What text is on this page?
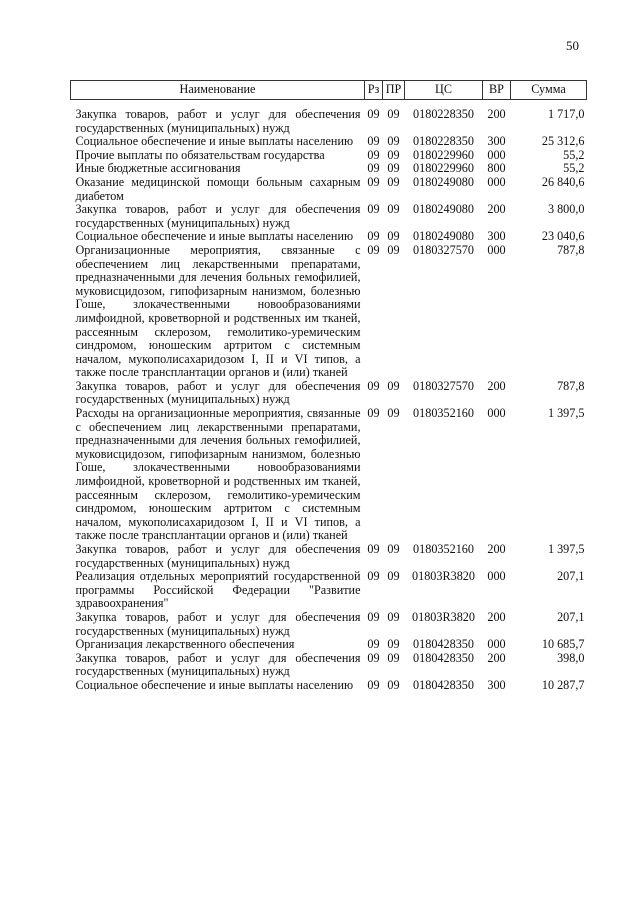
50
Наименование	Рз	ПР	ЦС	ВР	Сумма
Закупка товаров, работ и услуг для обеспечения государственных (муниципальных) нужд	09	09	0180228350	200	1 717,0
Социальное обеспечение и иные выплаты населению	09	09	0180228350	300	25 312,6
Прочие выплаты по обязательствам государства	09	09	0180229960	000	55,2
Иные бюджетные ассигнования	09	09	0180229960	800	55,2
Оказание медицинской помощи больным сахарным диабетом	09	09	0180249080	000	26 840,6
Закупка товаров, работ и услуг для обеспечения государственных (муниципальных) нужд	09	09	0180249080	200	3 800,0
Социальное обеспечение и иные выплаты населению	09	09	0180249080	300	23 040,6
Организационные мероприятия, связанные с обеспечением лиц лекарственными препаратами, предназначенными для лечения больных гемофилией, муковисцидозом, гипофизарным нанизмом, болезнью Гоше, злокачественными новообразованиями лимфоидной, кроветворной и родственных им тканей, рассеянным склерозом, гемолитико-уремическим синдромом, юношеским артритом с системным началом, мукополисахаридозом I, II и VI типов, а также после трансплантации органов и (или) тканей	09	09	0180327570	000	787,8
Закупка товаров, работ и услуг для обеспечения государственных (муниципальных) нужд	09	09	0180327570	200	787,8
Расходы на организационные мероприятия, связанные с обеспечением лиц лекарственными препаратами, предназначенными для лечения больных гемофилией, муковисцидозом, гипофизарным нанизмом, болезнью Гоше, злокачественными новообразованиями лимфоидной, кроветворной и родственных им тканей, рассеянным склерозом, гемолитико-уремическим синдромом, юношеским артритом с системным началом, мукополисахаридозом I, II и VI типов, а также после трансплантации органов и (или) тканей	09	09	0180352160	000	1 397,5
Закупка товаров, работ и услуг для обеспечения государственных (муниципальных) нужд	09	09	0180352160	200	1 397,5
Реализация отдельных мероприятий государственной программы Российской Федерации "Развитие здравоохранения"	09	09	01803R3820	000	207,1
Закупка товаров, работ и услуг для обеспечения государственных (муниципальных) нужд	09	09	01803R3820	200	207,1
Организация лекарственного обеспечения	09	09	0180428350	000	10 685,7
Закупка товаров, работ и услуг для обеспечения государственных (муниципальных) нужд	09	09	0180428350	200	398,0
Социальное обеспечение и иные выплаты населению	09	09	0180428350	300	10 287,7
